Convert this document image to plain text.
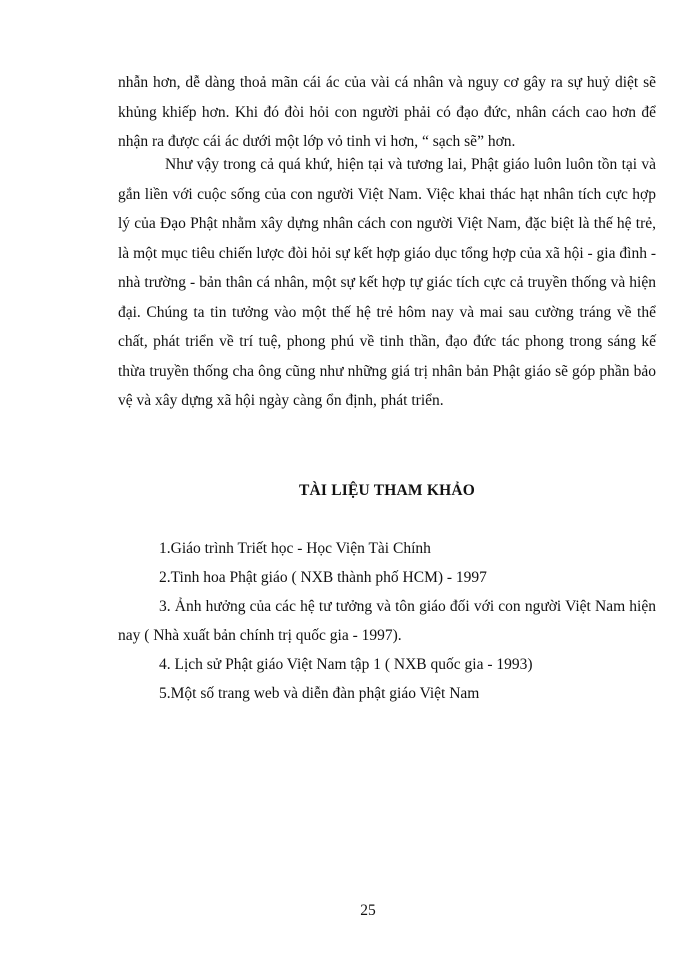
nhẫn hơn, dễ dàng thoả mãn cái ác của vài cá nhân và nguy cơ gây ra sự huỷ diệt sẽ khủng khiếp hơn. Khi đó đòi hỏi con người phải có đạo đức, nhân cách cao hơn để nhận ra được cái ác dưới một lớp vỏ tinh vi hơn, “ sạch sẽ” hơn.

Như vậy trong cả quá khứ, hiện tại và tương lai, Phật giáo luôn luôn tồn tại và gắn liền với cuộc sống của con người Việt Nam. Việc khai thác hạt nhân tích cực hợp lý của Đạo Phật nhằm xây dựng nhân cách con người Việt Nam, đặc biệt là thế hệ trẻ, là một mục tiêu chiến lược đòi hỏi sự kết hợp giáo dục tổng hợp của xã hội - gia đình - nhà trường - bản thân cá nhân, một sự kết hợp tự giác tích cực cả truyền thống và hiện đại. Chúng ta tin tưởng vào một thế hệ trẻ hôm nay và mai sau cường tráng về thể chất, phát triển về trí tuệ, phong phú về tinh thần, đạo đức tác phong trong sáng kế thừa truyền thống cha ông cũng như những giá trị nhân bản Phật giáo sẽ góp phần bảo vệ và xây dựng xã hội ngày càng ổn định, phát triển.

TÀI LIỆU THAM KHẢO
1.Giáo trình Triết học - Học Viện Tài Chính
2.Tinh hoa Phật giáo ( NXB thành phố HCM) - 1997
3. Ảnh hưởng của các hệ tư tưởng và tôn giáo đối với con người Việt Nam hiện nay ( Nhà xuất bản chính trị quốc gia - 1997).
4. Lịch sử Phật giáo Việt Nam tập 1 ( NXB quốc gia - 1993)
5.Một số trang web và diễn đàn phật giáo Việt Nam
25
